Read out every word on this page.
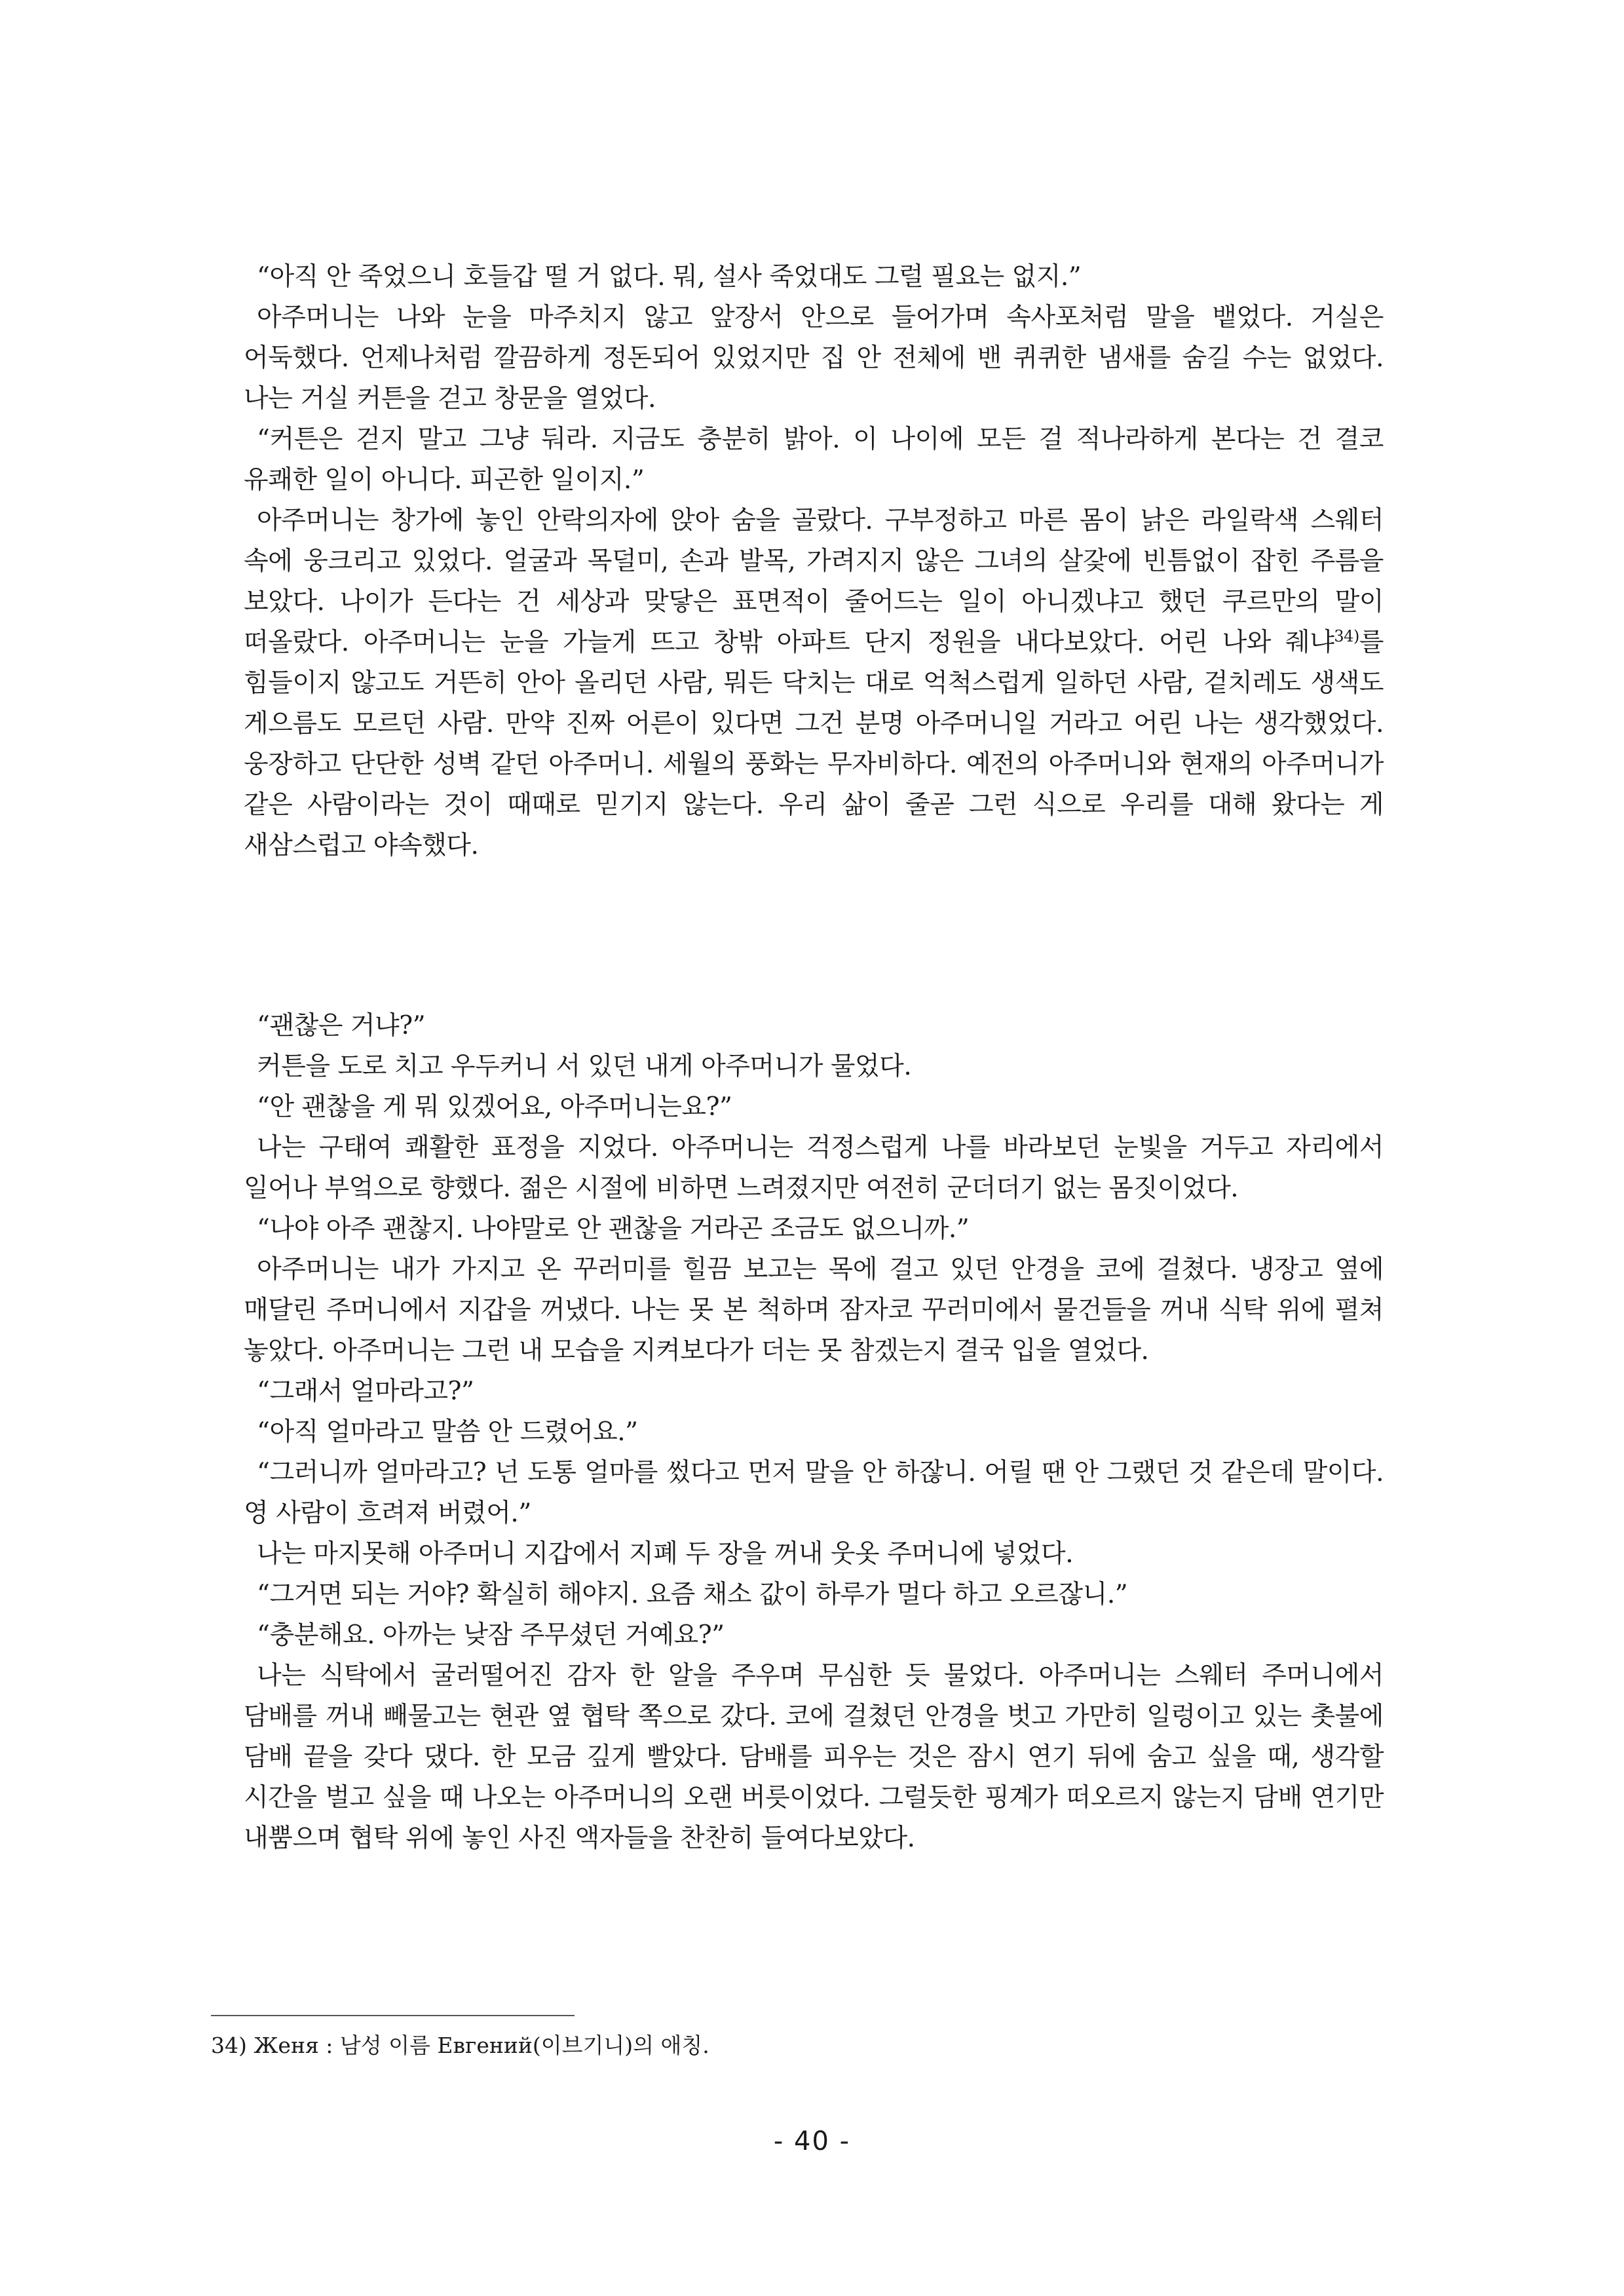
“아직 안 죽었으니 호들갑 떨 거 없다. 뭐, 설사 죽었대도 그럴 필요는 없지.”

아주머니는 나와 눈을 마주치지 않고 앞장서 안으로 들어가며 속사포처럼 말을 뱉었다. 거실은 어둑했다. 언제나처럼 깔끔하게 정돈되어 있었지만 집 안 전체에 밴 퀴퀴한 냄새를 숨길 수는 없었다. 나는 거실 커튼을 걷고 창문을 열었다.

“커튼은 걷지 말고 그냥 둬라. 지금도 충분히 밝아. 이 나이에 모든 걸 적나라하게 본다는 건 결코 유쾌한 일이 아니다. 피곤한 일이지.”

아주머니는 창가에 놓인 안락의자에 앉아 숨을 골랐다. 구부정하고 마른 몸이 낡은 라일락색 스웨터 속에 웅크리고 있었다. 얼굴과 목덜미, 손과 발목, 가려지지 않은 그녀의 살갗에 빈틈없이 잡힌 주름을 보았다. 나이가 든다는 건 세상과 맞닿은 표면적이 줄어드는 일이 아니겠냐고 했던 쿠르만의 말이 떠올랐다. 아주머니는 눈을 가늘게 뜨고 창밖 아파트 단지 정원을 내다보았다. 어린 나와 줴냐$^{34)}$를 힘들이지 않고도 거뜬히 안아 올리던 사람, 뭐든 닥치는 대로 억척스럽게 일하던 사람, 겉치레도 생색도 게으름도 모르던 사람. 만약 진짜 어른이 있다면 그건 분명 아주머니일 거라고 어린 나는 생각했었다. 웅장하고 단단한 성벽 같던 아주머니. 세월의 풍화는 무자비하다. 예전의 아주머니와 현재의 아주머니가 같은 사람이라는 것이 때때로 믿기지 않는다. 우리 삶이 줄곧 그런 식으로 우리를 대해 왔다는 게 새삼스럽고 야속했다.

“괜찮은 거냐?”

커튼을 도로 치고 우두커니 서 있던 내게 아주머니가 물었다.

“안 괜찮을 게 뭐 있겠어요, 아주머니는요?”

나는 구태여 쾌활한 표정을 지었다. 아주머니는 걱정스럽게 나를 바라보던 눈빛을 거두고 자리에서 일어나 부엌으로 향했다. 젊은 시절에 비하면 느려졌지만 여전히 군더더기 없는 몸짓이었다.

“나야 아주 괜찮지. 나야말로 안 괜찮을 거라곤 조금도 없으니까.”

아주머니는 내가 가지고 온 꾸러미를 힐끔 보고는 목에 걸고 있던 안경을 코에 걸쳤다. 냉장고 옆에 매달린 주머니에서 지갑을 꺼냈다. 나는 못 본 척하며 잠자코 꾸러미에서 물건들을 꺼내 식탁 위에 펼쳐 놓았다. 아주머니는 그런 내 모습을 지켜보다가 더는 못 참겠는지 결국 입을 열었다.

“그래서 얼마라고?”

“아직 얼마라고 말씀 안 드렸어요.”

“그러니까 얼마라고? 넌 도통 얼마를 썼다고 먼저 말을 안 하잖니. 어릴 땐 안 그랬던 것 같은데 말이다. 영 사람이 흐려져 버렸어.”

나는 마지못해 아주머니 지갑에서 지폐 두 장을 꺼내 웃옷 주머니에 넣었다.

“그거면 되는 거야? 확실히 해야지. 요즘 채소 값이 하루가 멀다 하고 오르잖니.”

“충분해요. 아까는 낮잠 주무셨던 거예요?”

나는 식탁에서 굴러떨어진 감자 한 알을 주우며 무심한 듯 물었다. 아주머니는 스웨터 주머니에서 담배를 꺼내 빼물고는 현관 옆 협탁 쪽으로 갔다. 코에 걸쳤던 안경을 벗고 가만히 일렁이고 있는 촛불에 담배 끝을 갖다 댔다. 한 모금 깊게 빨았다. 담배를 피우는 것은 잠시 연기 뒤에 숨고 싶을 때, 생각할 시간을 벌고 싶을 때 나오는 아주머니의 오랜 버릇이었다. 그럴듯한 핑계가 떠오르지 않는지 담배 연기만 내뿜으며 협탁 위에 놓인 사진 액자들을 찬찬히 들여다보았다.

34) Женя : 남성 이름 Евгений(이브기니)의 애칭.
- 40 -
